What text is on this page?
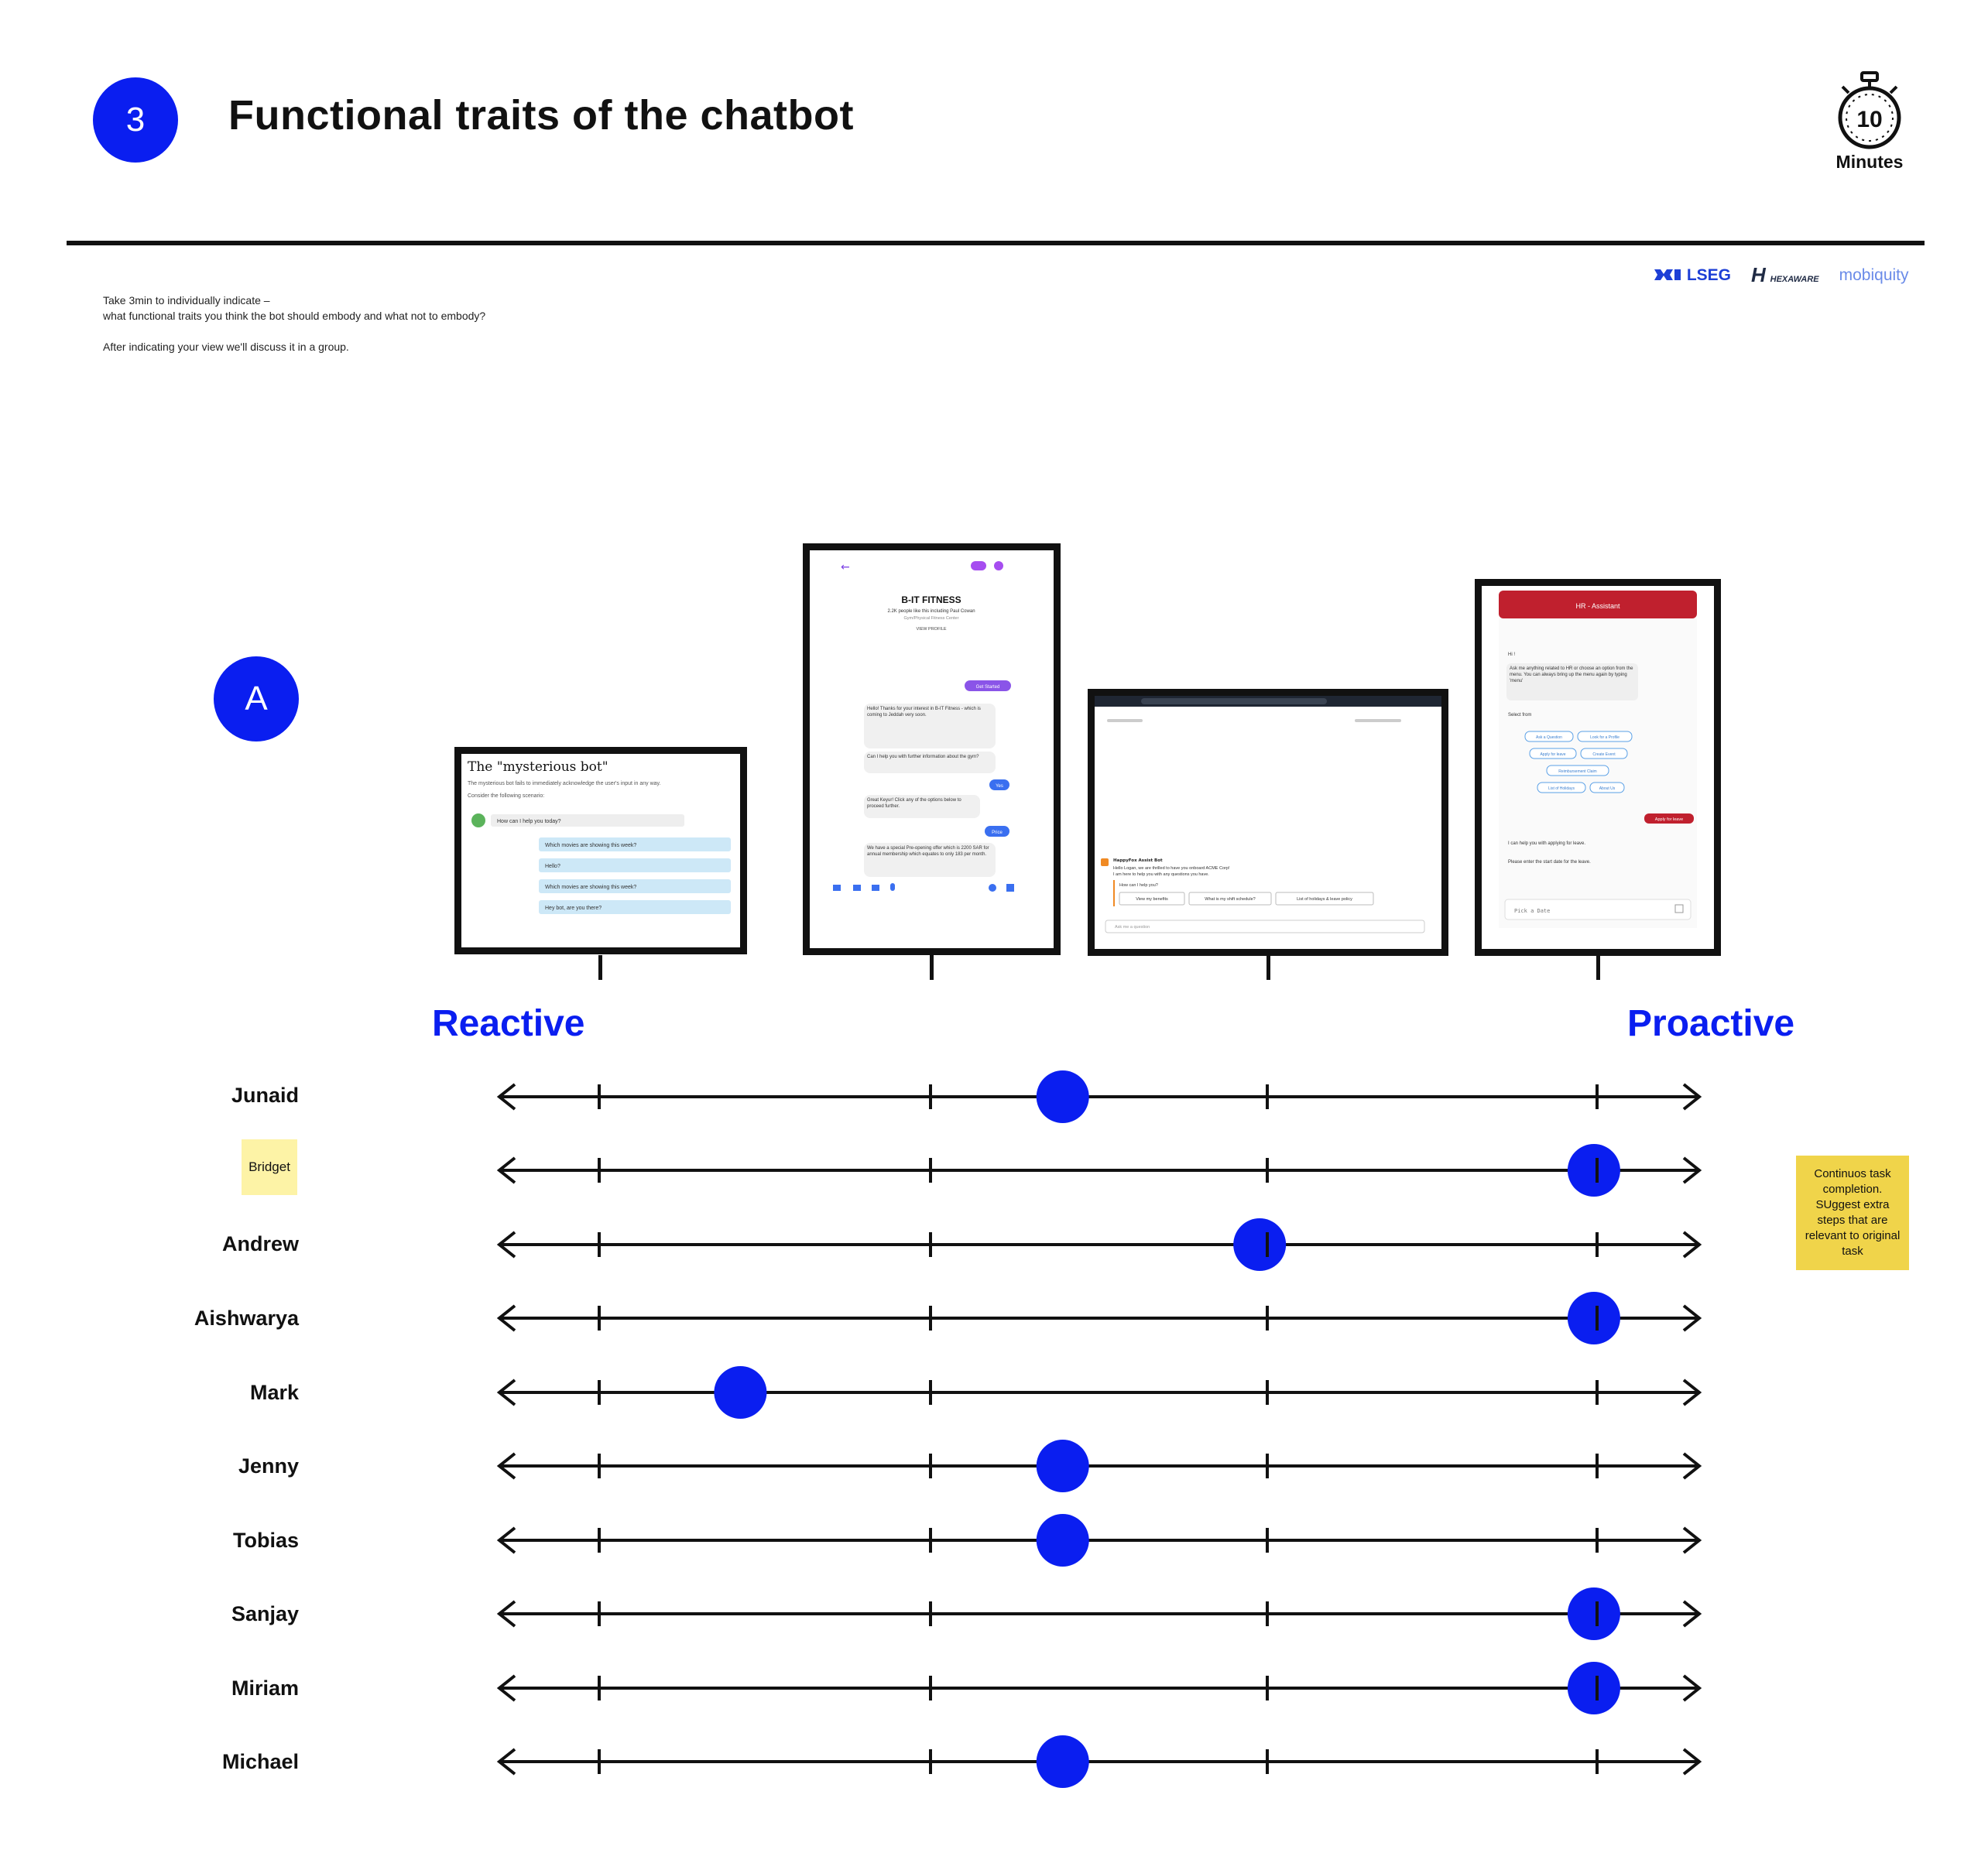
3	Functional traits of the chatbot	10
Minutes
LSEG H HEXAWARE mobiquity

Take 3min to individually indicate –

what functional traits you think the bot should embody and what not to embody?

After indicating your view we'll discuss it in a group.

A
The "mysterious bot"
The mysterious bot fails to immediately acknowledge the user's input in any way.
Consider the following scenario:
How can I help you today?
Which movies are showing this week?
Hello?
Which movies are showing this week?
Hey bot, are you there?
←
B-IT FITNESS
2.2K people like this including Paul Cowan
Gym/Physical Fitness Center
VIEW PROFILE
Get Started
Hello! Thanks for your interest in B-IT Fitness - which is coming to Jeddah very soon.
Can I help you with further information about the gym?
Yes
Great Keyur! Click any of the options below to proceed further.
Price
We have a special Pre-opening offer which is 2200 SAR for annual membership which equates to only 183 per month.
HappyFox Assist Bot
Hello Logan, we are thrilled to have you onboard ACME Corp!
I am here to help you with any questions you have.
How can I help you?
View my benefits	What is my shift schedule?	List of holidays & leave policy
Ask me a question
HR - Assistant
Hi !
Ask me anything related to HR or choose an option from the menu. You can always bring up the menu again by typing 'menu'
Select from
Ask a Question	Look for a Profile
Apply for leave	Create Event
Reimbursement Claim
List of Holidays	About Us
Apply for leave
I can help you with applying for leave.
Please enter the start date for the leave.
Pick a Date
Reactive	Proactive
Junaid
Bridget
Andrew
Aishwarya
Mark
Jenny
Tobias
Sanjay
Miriam
Michael
Continuos task completion. SUggest extra steps that are relevant to original task
